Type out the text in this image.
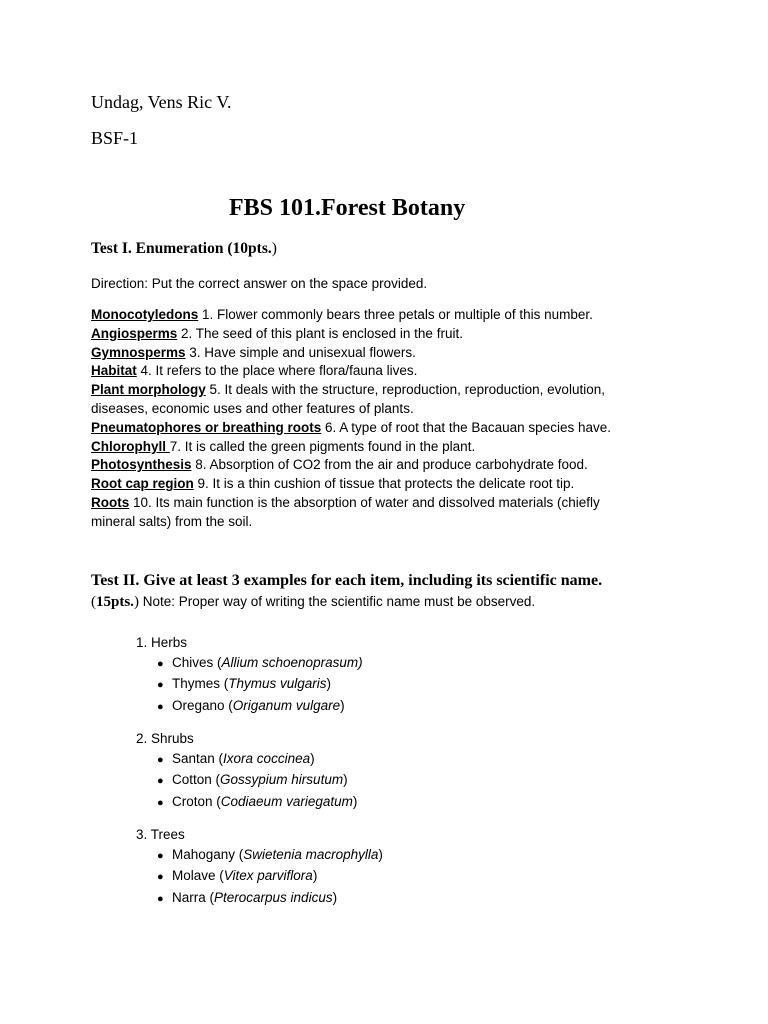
Undag, Vens Ric V.
BSF-1
FBS 101.Forest Botany
Test I. Enumeration (10pts.)
Direction: Put the correct answer on the space provided.

Monocotyledons 1. Flower commonly bears three petals or multiple of this number.

Angiosperms 2. The seed of this plant is enclosed in the fruit.

Gymnosperms 3. Have simple and unisexual flowers.

Habitat 4. It refers to the place where flora/fauna lives.

Plant morphology 5. It deals with the structure, reproduction, reproduction, evolution, diseases, economic uses and other features of plants.

Pneumatophores or breathing roots 6. A type of root that the Bacauan species have.

Chlorophyll 7. It is called the green pigments found in the plant.

Photosynthesis 8. Absorption of CO2 from the air and produce carbohydrate food.

Root cap region 9. It is a thin cushion of tissue that protects the delicate root tip.

Roots 10. Its main function is the absorption of water and dissolved materials (chiefly mineral salts) from the soil.

Test II. Give at least 3 examples for each item, including its scientific name.
(15pts.) Note: Proper way of writing the scientific name must be observed.

1. Herbs

● Chives (Allium schoenoprasum)
● Thymes (Thymus vulgaris)
● Oregano (Origanum vulgare)

2. Shrubs

● Santan (Ixora coccinea)
● Cotton (Gossypium hirsutum)
● Croton (Codiaeum variegatum)

3. Trees

● Mahogany (Swietenia macrophylla)
● Molave (Vitex parviflora)
● Narra (Pterocarpus indicus)
